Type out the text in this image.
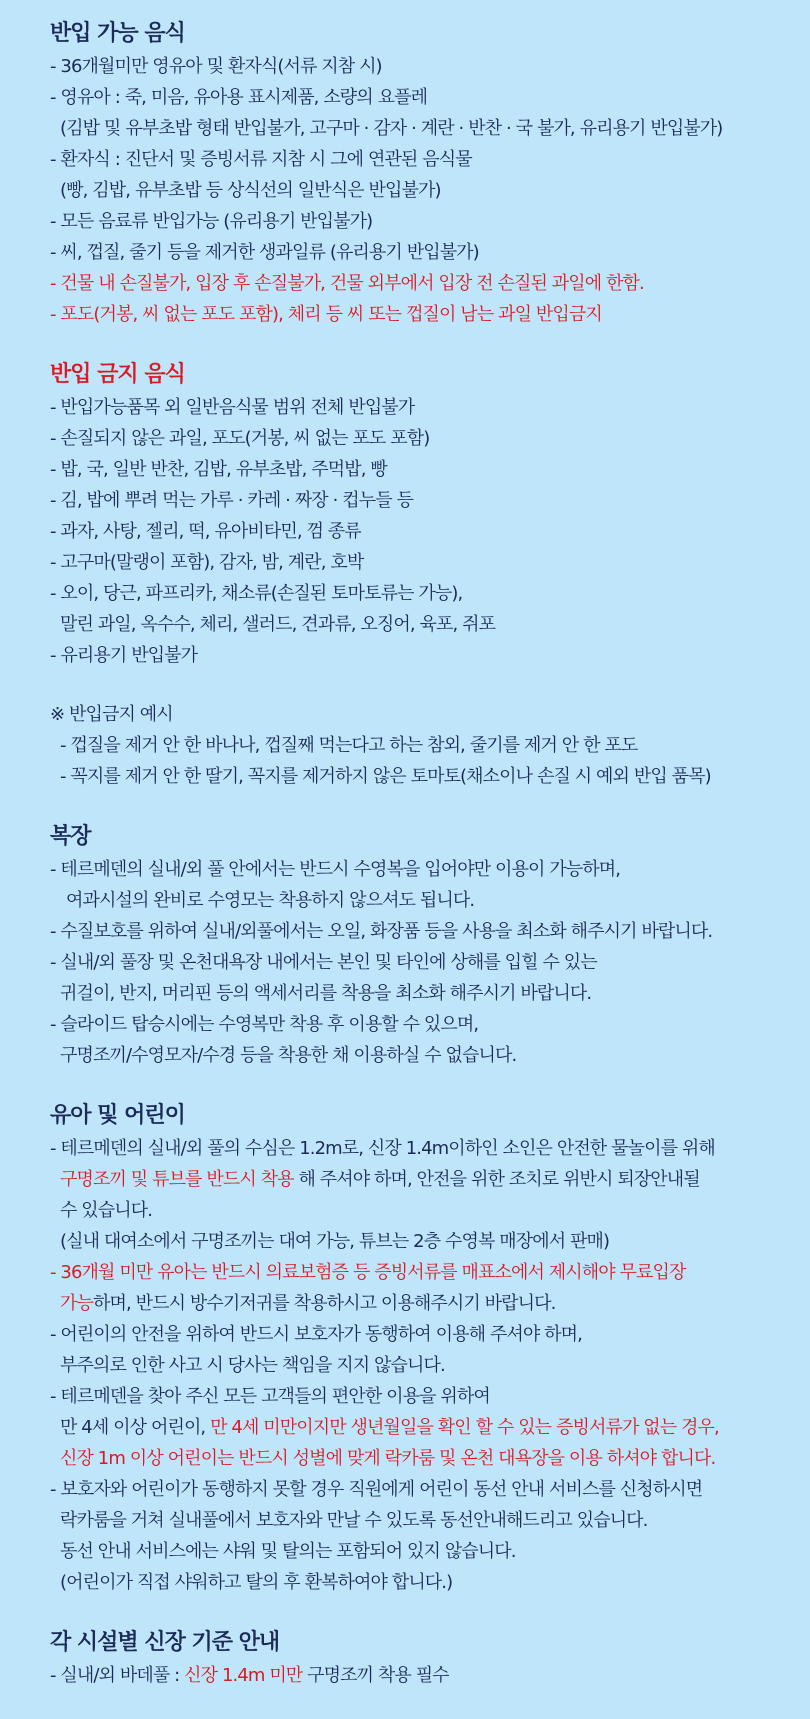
반입 가능 음식
- 36개월미만 영유아 및 환자식(서류 지참 시)
- 영유아 : 죽, 미음, 유아용 표시제품, 소량의 요플레
(김밥 및 유부초밥 형태 반입불가, 고구마 · 감자 · 계란 · 반찬 · 국 불가, 유리용기 반입불가)
- 환자식 : 진단서 및 증빙서류 지참 시 그에 연관된 음식물
(빵, 김밥, 유부초밥 등 상식선의 일반식은 반입불가)
- 모든 음료류 반입가능 (유리용기 반입불가)
- 씨, 껍질, 줄기 등을 제거한 생과일류 (유리용기 반입불가)
- 건물 내 손질불가, 입장 후 손질불가, 건물 외부에서 입장 전 손질된 과일에 한함.
- 포도(거봉, 씨 없는 포도 포함), 체리 등 씨 또는 껍질이 남는 과일 반입금지
반입 금지 음식
- 반입가능품목 외 일반음식물 범위 전체 반입불가
- 손질되지 않은 과일, 포도(거봉, 씨 없는 포도 포함)
- 밥, 국, 일반 반찬, 김밥, 유부초밥, 주먹밥, 빵
- 김, 밥에 뿌려 먹는 가루 · 카레 · 짜장 · 컵누들 등
- 과자, 사탕, 젤리, 떡, 유아비타민, 껌 종류
- 고구마(말랭이 포함), 감자, 밤, 계란, 호박
- 오이, 당근, 파프리카, 채소류(손질된 토마토류는 가능),
말린 과일, 옥수수, 체리, 샐러드, 견과류, 오징어, 육포, 쥐포
- 유리용기 반입불가
※ 반입금지 예시
- 껍질을 제거 안 한 바나나, 껍질째 먹는다고 하는 참외, 줄기를 제거 안 한 포도
- 꼭지를 제거 안 한 딸기, 꼭지를 제거하지 않은 토마토(채소이나 손질 시 예외 반입 품목)
복장
- 테르메덴의 실내/외 풀 안에서는 반드시 수영복을 입어야만 이용이 가능하며,
여과시설의 완비로 수영모는 착용하지 않으셔도 됩니다.
- 수질보호를 위하여 실내/외풀에서는 오일, 화장품 등을 사용을 최소화 해주시기 바랍니다.
- 실내/외 풀장 및 온천대욕장 내에서는 본인 및 타인에 상해를 입힐 수 있는
귀걸이, 반지, 머리핀 등의 액세서리를 착용을 최소화 해주시기 바랍니다.
- 슬라이드 탑승시에는 수영복만 착용 후 이용할 수 있으며,
구명조끼/수영모자/수경 등을 착용한 채 이용하실 수 없습니다.
유아 및 어린이
- 테르메덴의 실내/외 풀의 수심은 1.2m로, 신장 1.4m이하인 소인은 안전한 물놀이를 위해
구명조끼 및 튜브를 반드시 착용 해 주셔야 하며, 안전을 위한 조치로 위반시 퇴장안내될
수 있습니다.
(실내 대여소에서 구명조끼는 대여 가능, 튜브는 2층 수영복 매장에서 판매)
- 36개월 미만 유아는 반드시 의료보험증 등 증빙서류를 매표소에서 제시해야 무료입장
가능하며, 반드시 방수기저귀를 착용하시고 이용해주시기 바랍니다.
- 어린이의 안전을 위하여 반드시 보호자가 동행하여 이용해 주셔야 하며,
부주의로 인한 사고 시 당사는 책임을 지지 않습니다.
- 테르메덴을 찾아 주신 모든 고객들의 편안한 이용을 위하여
만 4세 이상 어린이, 만 4세 미만이지만 생년월일을 확인 할 수 있는 증빙서류가 없는 경우,
신장 1m 이상 어린이는 반드시 성별에 맞게 락카룸 및 온천 대욕장을 이용 하셔야 합니다.
- 보호자와 어린이가 동행하지 못할 경우 직원에게 어린이 동선 안내 서비스를 신청하시면
락카룸을 거쳐 실내풀에서 보호자와 만날 수 있도록 동선안내해드리고 있습니다.
동선 안내 서비스에는 샤워 및 탈의는 포함되어 있지 않습니다.
(어린이가 직접 샤워하고 탈의 후 환복하여야 합니다.)
각 시설별 신장 기준 안내
- 실내/외 바데풀 : 신장 1.4m 미만 구명조끼 착용 필수
